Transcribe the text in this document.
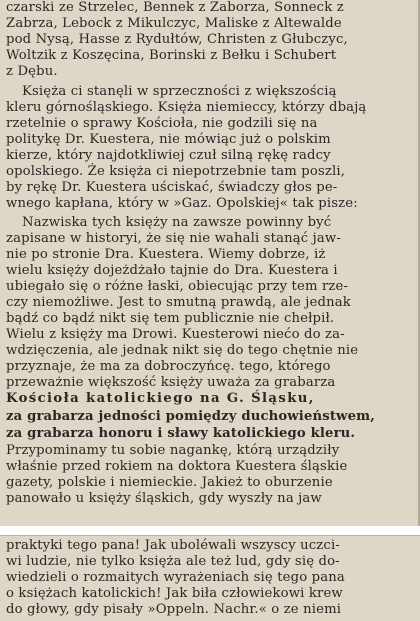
czarski ze Strzelec, Bennek z Zaborza, Sonneck z
Zabrza, Lebock z Mikulczyc, Maliske z Altewalde
pod Nysą, Hasse z Rydułtów, Christen z Głubczyc,
Woltzik z Koszęcina, Borinski z Bełku i Schubert
z Dębu.
Księża ci stanęli w sprzeczności z większością
kleru górnośląskiego. Księża niemieccy, którzy dbają
rzetelnie o sprawy Kościoła, nie godzili się na
politykę Dr. Kuestera, nie mówiąc już o polskim
kierze, który najdotkliwiej czuł silną rękę radcy
opolskiego. Że księża ci niepotrzebnie tam poszli,
by rękę Dr. Kuestera uściskać, świadczy głos pe-
wnego kapłana, który w »Gaz. Opolskiej« tak pisze:
Nazwiska tych księży na zawsze powinny być
zapisane w historyi, że się nie wahali stanąć jaw-
nie po stronie Dra. Kuestera. Wiemy dobrze, iż
wielu księży dojeżdżało tajnie do Dra. Kuestera i
ubiegało się o różne łaski, obiecując przy tem rze-
czy niemożliwe. Jest to smutną prawdą, ale jednak
bądź co bądź nikt się tem publicznie nie chełpił.
Wielu z księży ma Drowi. Kuesterowi niećo do za-
wdzięczenia, ale jednak nikt się do tego chętnie nie
przyznaje, że ma za dobroczyńcę. tego, którego
przeważnie większość księży uważa za grabarza
Kościoła katolickiego na G. Śląsku,
za grabarza jedności pomiędzy duchowieństwem,
za grabarza honoru i sławy katolickiego kleru.
Przypominamy tu sobie nagankę, którą urządziły
właśnie przed rokiem na doktora Kuestera śląskie
gazety, polskie i niemieckie. Jakież to oburzenie
panowało u księży śląskich, gdy wyszły na jaw
praktyki tego pana! Jak uboléwali wszyscy uczci-
wi ludzie, nie tylko księża ale też lud, gdy się do-
wiedzieli o rozmaitych wyrażeniach się tego pana
o księżach katolickich! Jak biła człowiekowi krew
do głowy, gdy pisały »Oppeln. Nachr.« o ze niemi
